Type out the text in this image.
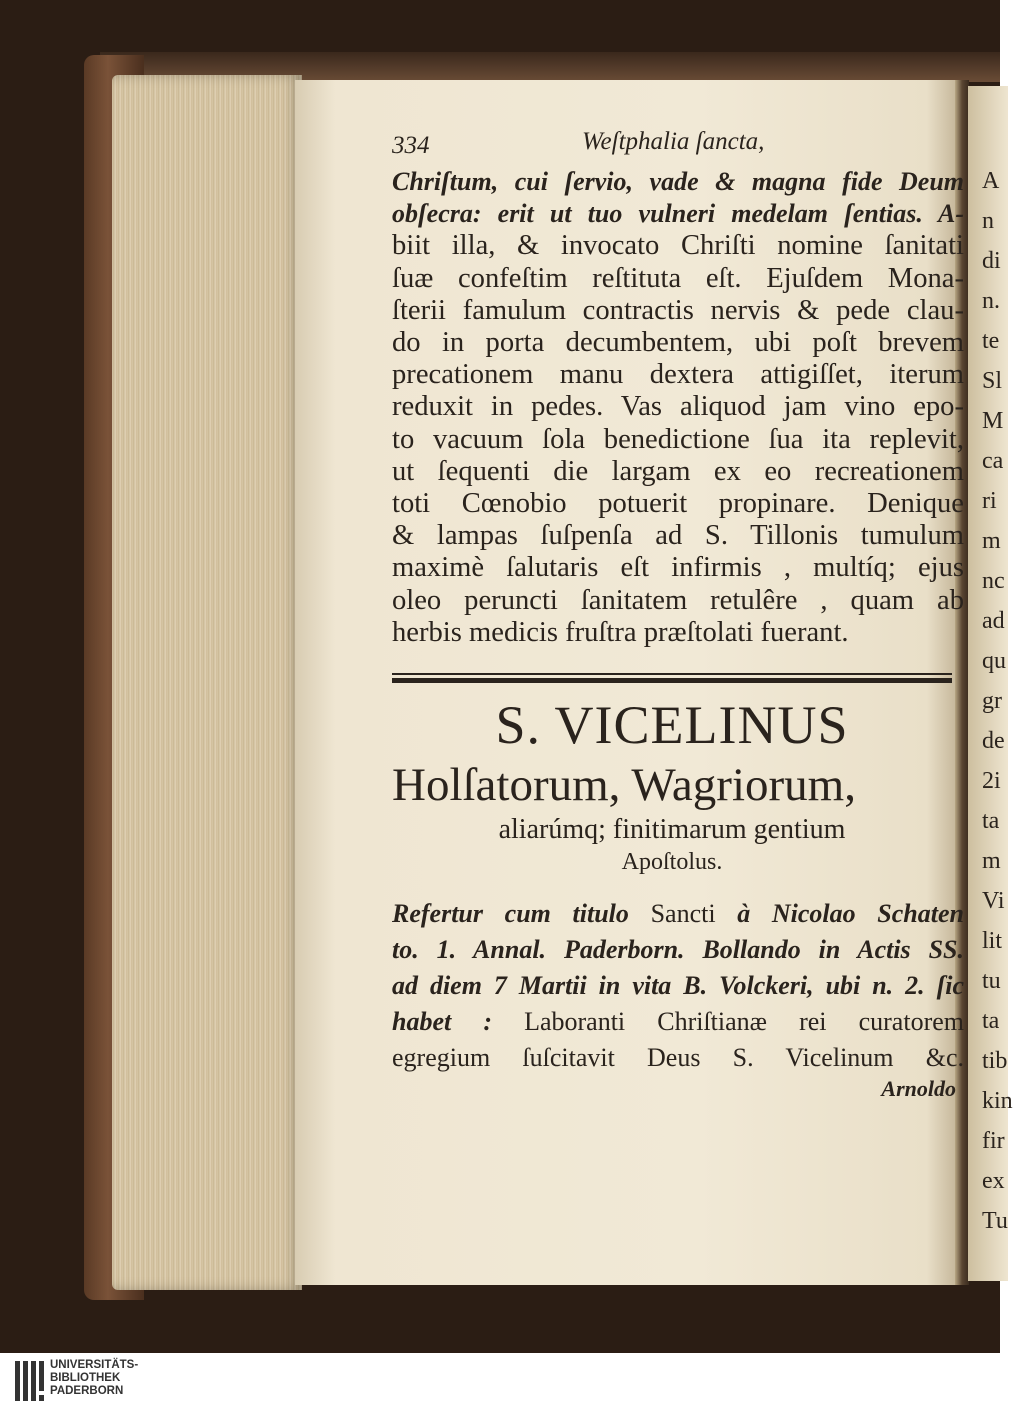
A
n
di
n.
te
Sl
M
ca
ri
m
nc
ad
qu
gr
de
2i
ta
m
Vi
lit
tu
ta
tib
kin
fir
ex
Tu
334	Weſtphalia ſancta,
Chriſtum, cui ſervio, vade & magna fide Deum
obſecra: erit ut tuo vulneri medelam ſentias. A-
biit illa, & invocato Chriſti nomine ſanitati
ſuæ confeſtim reſtituta eſt. Ejuſdem Mona-
ſterii famulum contractis nervis & pede clau-
do in porta decumbentem, ubi poſt brevem
precationem manu dextera attigiſſet, iterum
reduxit in pedes. Vas aliquod jam vino epo-
to vacuum ſola benedictione ſua ita replevit,
ut ſequenti die largam ex eo recreationem
toti Cœnobio potuerit propinare. Denique
& lampas ſuſpenſa ad S. Tillonis tumulum
maximè ſalutaris eſt infirmis , multíq; ejus
oleo peruncti ſanitatem retulêre , quam ab
herbis medicis fruſtra præſtolati fuerant.
S. VICELINUS
Holſatorum, Wagriorum,
aliarúmq; finitimarum gentium
Apoſtolus.
Refertur cum titulo Sancti à Nicolao Schaten
to. 1. Annal. Paderborn. Bollando in Actis SS.
ad diem 7 Martii in vita B. Volckeri, ubi n. 2. ſic
habet : Laboranti Chriſtianæ rei curatorem
egregium ſuſcitavit Deus S. Vicelinum &c.
Arnoldo
UNIVERSITÄTS-
BIBLIOTHEK
PADERBORN
